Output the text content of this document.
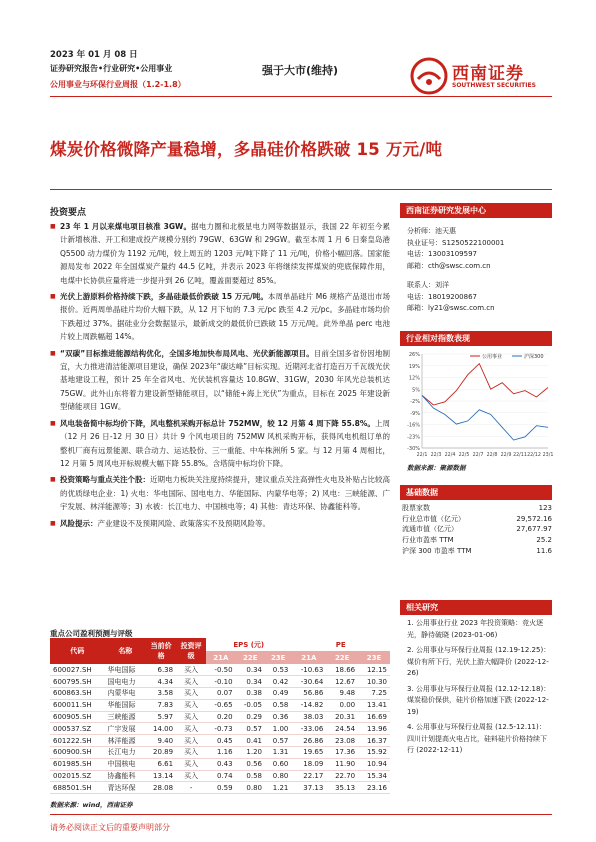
2023 年 01 月 08 日
证券研究报告•行业研究•公用事业
公用事业与环保行业周报（1.2-1.8）
强于大市(维持)	西南证券
SOUTHWEST SECURITIES
煤炭价格微降产量稳增，多晶硅价格跌破 15 万元/吨
投资要点
■ 23 年 1 月以来煤电项目核准 3GW。据电力圈和北极星电力网等数据显示，我国 22 年初至今累计新增核准、开工和建成投产规模分别约 79GW、63GW 和 29GW。截至本周 1 月 6 日秦皇岛港 Q5500 动力煤价为 1192 元/吨，较上周五的 1203 元/吨下降了 11 元/吨，价格小幅回落。国家能源局发布 2022 年全国煤炭产量约 44.5 亿吨，并表示 2023 年将继续发挥煤炭的兜底保障作用，电煤中长协供应量将进一步提升到 26 亿吨，覆盖面要超过 85%。
■ 光伏上游原料价格持续下跌，多晶硅最低价跌破 15 万元/吨。本周单晶硅片 M6 规格产品退出市场报价。近两周单晶硅片均价大幅下跌，从 12 月下旬的 7.3 元/pc 跌至 4.2 元/pc。多晶硅市场均价下跌超过 37%。据硅业分会数据显示，最新成交的最低价已跌破 15 万元/吨。此外单晶 perc 电池片较上周跌幅超 14%。
■ “双碳”目标推进能源结构优化，全国多地加快布局风电、光伏新能源项目。目前全国多省份因地制宜，大力推进清洁能源项目建设，确保 2023年“碳达峰”目标实现。近期河北省打造百万千瓦级光伏基地建设工程，预计 25 年全省风电、光伏装机容量达 10.8GW、31GW，2030 年风光总装机达 75GW。此外山东将着力建设新型储能项目，以“储能+海上光伏”为重点，目标在 2025 年建设新型储能项目 1GW。
■ 风电装备简中标均价下降，风电整机采购开标总计 752MW，较 12 月第 4 周下降 55.8%。上周（12 月 26 日-12 月 30 日）共计 9 个风电项目的 752MW 风机采购开标，获得风电机组订单的整机厂商有远景能源、联合动力、运达股份、三一重能、中车株洲所 5 家。与 12 月第 4 周相比，12 月第 5 周风电开标规模大幅下降 55.8%。含塔筒中标均价下降。
■ 投资策略与重点关注个股：近期电力板块关注度持续提升，建议重点关注高弹性火电及补贴占比较高的优质绿电企业：1) 火电：华电国际、国电电力、华能国际、内蒙华电等；2) 风电：三峡能源、广宇发展、林洋能源等；3) 水被：长江电力、中国核电等；4) 其他：青达环保、协鑫能科等。
■ 风险提示：产业建设不及预期风险、政策落实不及预期风险等。
重点公司盈利预测与评级
代码	名称	当前价格	投资评级	EPS (元)			PE		
				21A	22E	23E	21A	22E	23E
600027.SH	华电国际	6.38	买入	-0.50	0.34	0.53	-10.63	18.66	12.15
600795.SH	国电电力	4.34	买入	-0.10	0.34	0.42	-30.64	12.67	10.30
600863.SH	内蒙华电	3.58	买入	0.07	0.38	0.49	56.86	9.48	7.25
600011.SH	华能国际	7.83	买入	-0.65	-0.05	0.58	-14.82	0.00	13.41
600905.SH	三峡能源	5.97	买入	0.20	0.29	0.36	38.03	20.31	16.69
000537.SZ	广宇发展	14.00	买入	-0.73	0.57	1.00	-33.06	24.54	13.96
601222.SH	林洋能源	9.40	买入	0.45	0.41	0.57	26.86	23.08	16.37
600900.SH	长江电力	20.89	买入	1.16	1.20	1.31	19.65	17.36	15.92
601985.SH	中国核电	6.61	买入	0.43	0.56	0.60	18.09	11.90	10.94
002015.SZ	协鑫能科	13.14	买入	0.74	0.58	0.80	22.17	22.70	15.34
688501.SH	青达环保	28.08	-	0.59	0.80	1.21	37.13	35.13	23.16
数据来源：wind，西南证券
西南证券研究发展中心
分析师：池天惠
执业证号：S1250522100001
电话：13003109597
邮箱：cth@swsc.com.cn
联系人：刘洋
电话：18019200867
邮箱：ly21@swsc.com.cn
行业相对指数表现
26%
19%
12%
5%
-2%
-9%
-16%
-23%
-30%
22/1 22/3 22/4 22/5 22/7 22/8 22/9 22/11 22/12 23/1
公用事业	沪深300
数据来源：聚源数据
基础数据
股票家数	123
行业总市值（亿元）	29,572.16
流通市值（亿元）	27,677.97
行业市盈率 TTM	25.2
沪深 300 市盈率 TTM	11.6
相关研究
1. 公用事业行业 2023 年投资策略：竞火逐光，静待破晓 (2023-01-06)
2. 公用事业与环保行业周报 (12.19-12.25)：煤价有所下行，光伏上游大幅降价 (2022-12-26)
3. 公用事业与环保行业周报 (12.12-12.18)：煤炭稳价保供，硅片价格加速下跌 (2022-12-19)
4. 公用事业与环保行业周报 (12.5-12.11)：四川计划提高火电占比，硅料硅片价格持续下行 (2022-12-11)
请务必阅读正文后的重要声明部分
